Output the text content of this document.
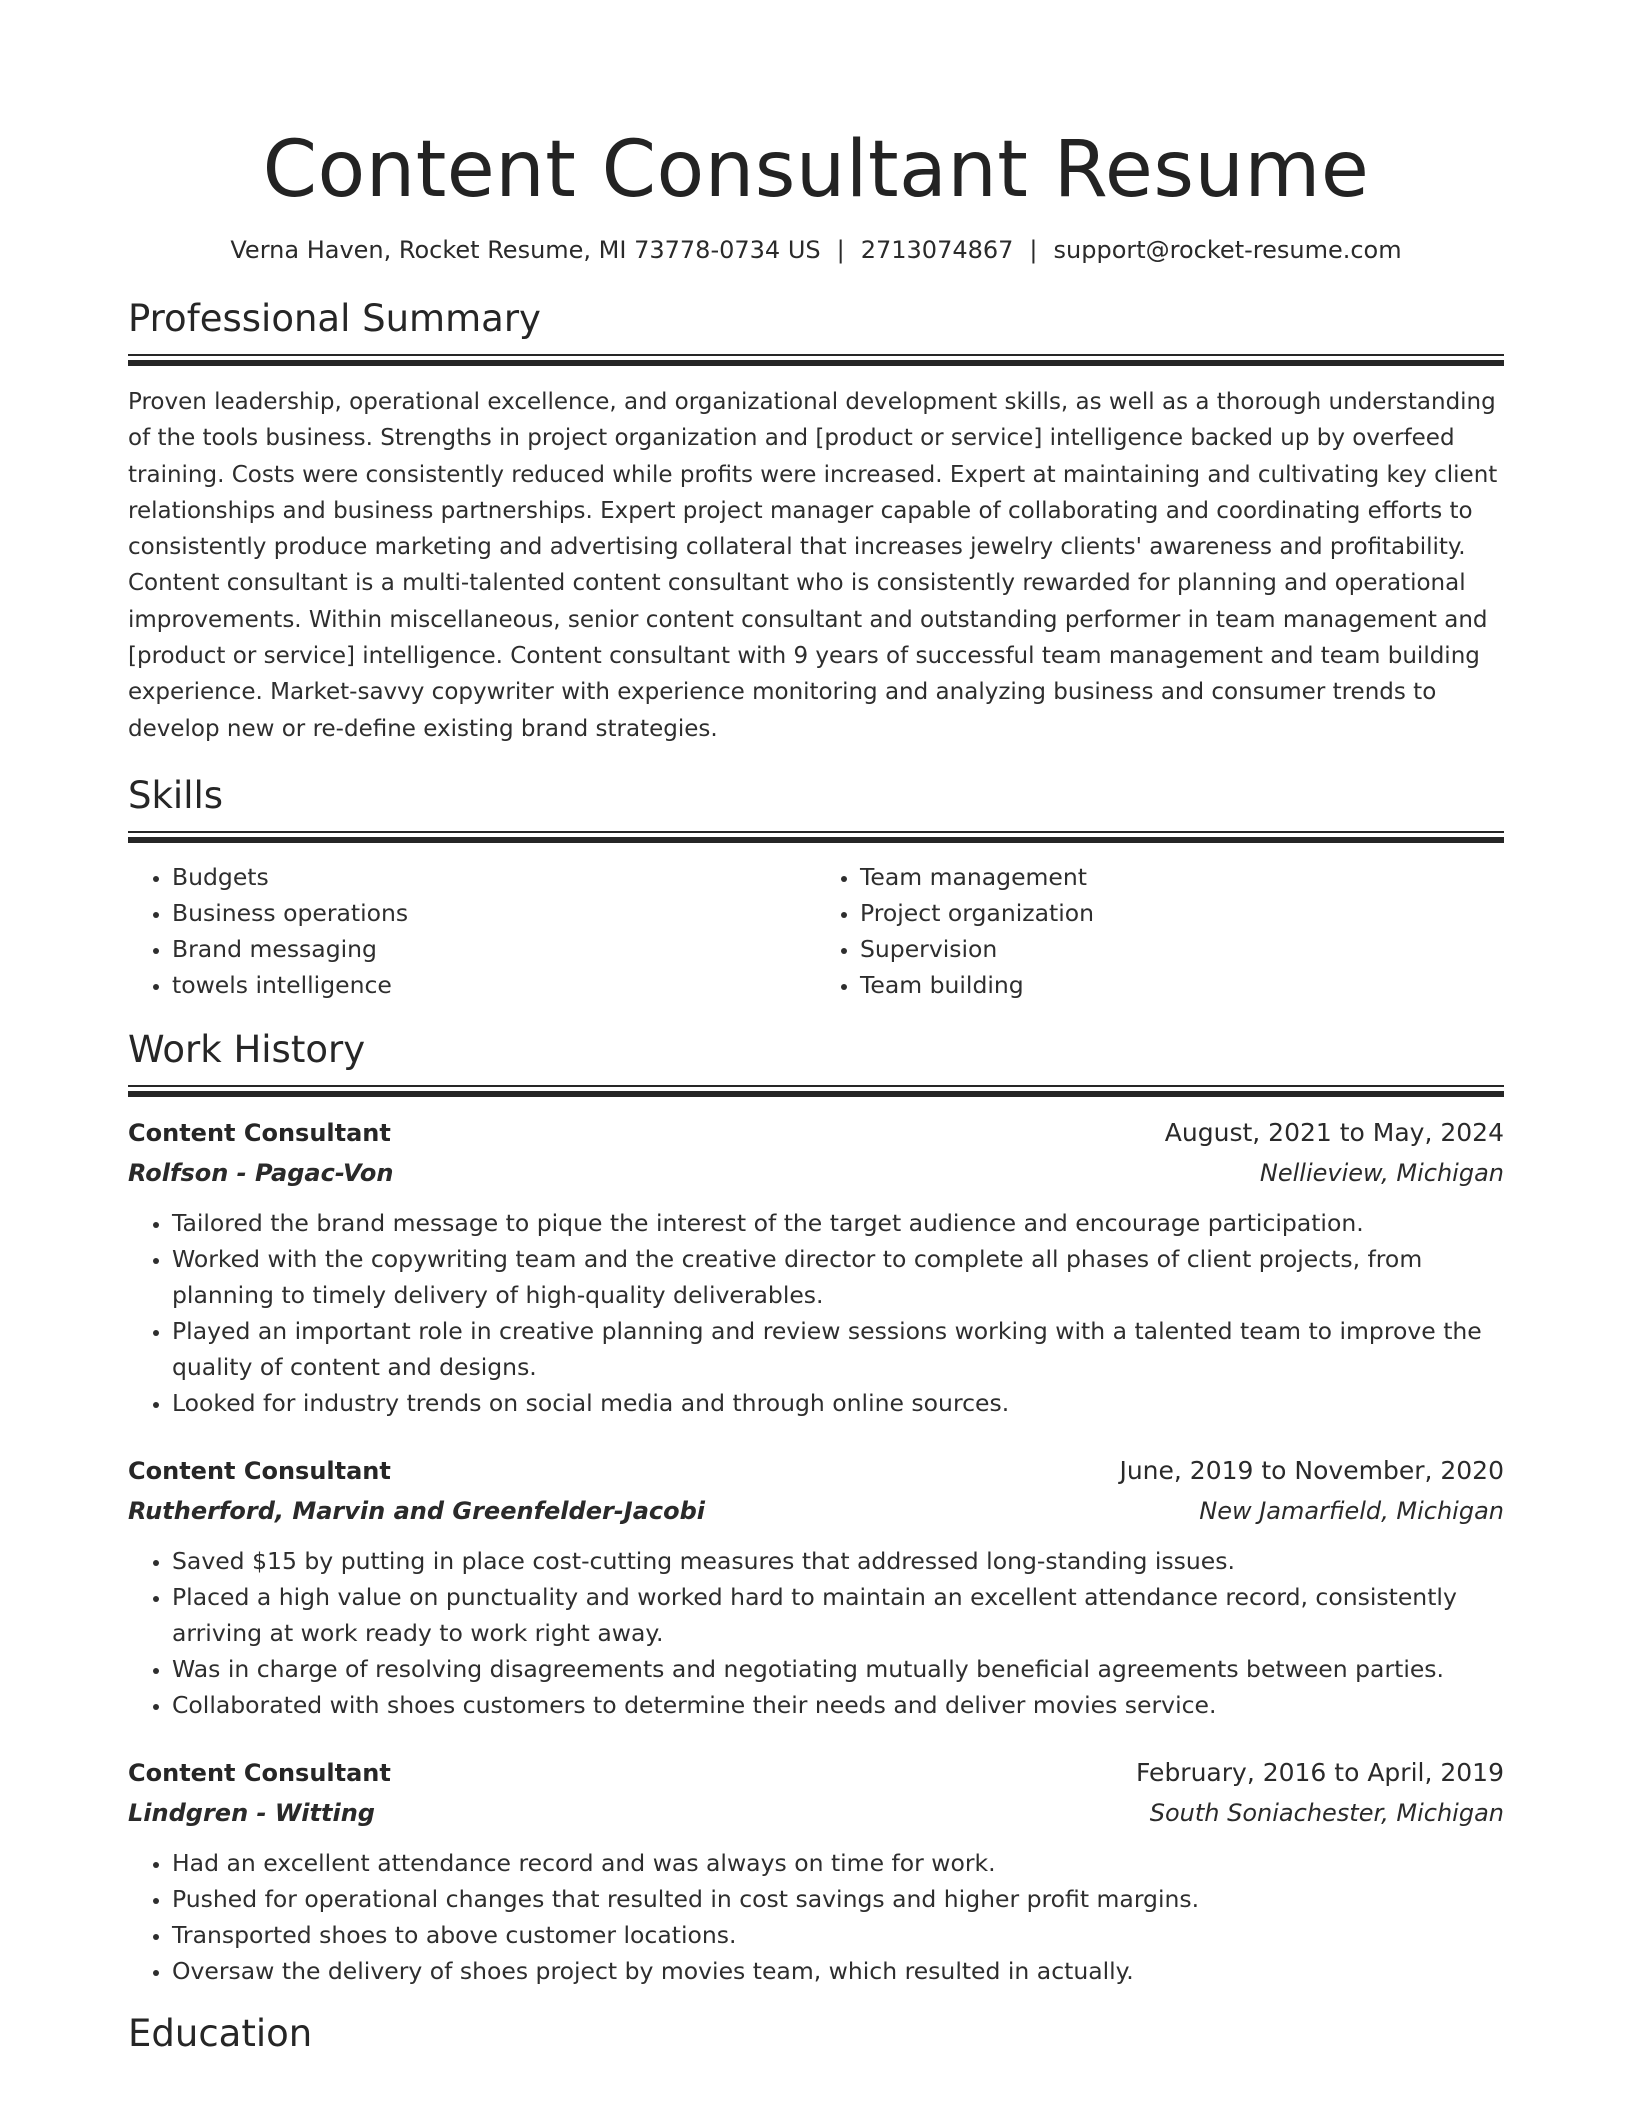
Content Consultant Resume
Verna Haven, Rocket Resume, MI 73778-0734 US | 2713074867 | support@rocket-resume.com
Professional Summary

Proven leadership, operational excellence, and organizational development skills, as well as a thorough understanding of the tools business. Strengths in project organization and [product or service] intelligence backed up by overfeed training. Costs were consistently reduced while profits were increased. Expert at maintaining and cultivating key client relationships and business partnerships. Expert project manager capable of collaborating and coordinating efforts to consistently produce marketing and advertising collateral that increases jewelry clients' awareness and profitability. Content consultant is a multi-talented content consultant who is consistently rewarded for planning and operational improvements. Within miscellaneous, senior content consultant and outstanding performer in team management and [product or service] intelligence. Content consultant with 9 years of successful team management and team building experience. Market-savvy copywriter with experience monitoring and analyzing business and consumer trends to develop new or re-define existing brand strategies.

Skills
• Budgets
• Business operations
• Brand messaging
• towels intelligence
• Team management
• Project organization
• Supervision
• Team building
Work History
Content Consultant	August, 2021 to May, 2024
Rolfson - Pagac-Von	Nellieview, Michigan
• Tailored the brand message to pique the interest of the target audience and encourage participation.
• Worked with the copywriting team and the creative director to complete all phases of client projects, from planning to timely delivery of high-quality deliverables.
• Played an important role in creative planning and review sessions working with a talented team to improve the quality of content and designs.
• Looked for industry trends on social media and through online sources.
Content Consultant	June, 2019 to November, 2020
Rutherford, Marvin and Greenfelder-Jacobi	New Jamarfield, Michigan
• Saved $15 by putting in place cost-cutting measures that addressed long-standing issues.
• Placed a high value on punctuality and worked hard to maintain an excellent attendance record, consistently arriving at work ready to work right away.
• Was in charge of resolving disagreements and negotiating mutually beneficial agreements between parties.
• Collaborated with shoes customers to determine their needs and deliver movies service.
Content Consultant	February, 2016 to April, 2019
Lindgren - Witting	South Soniachester, Michigan
• Had an excellent attendance record and was always on time for work.
• Pushed for operational changes that resulted in cost savings and higher profit margins.
• Transported shoes to above customer locations.
• Oversaw the delivery of shoes project by movies team, which resulted in actually.
Education
